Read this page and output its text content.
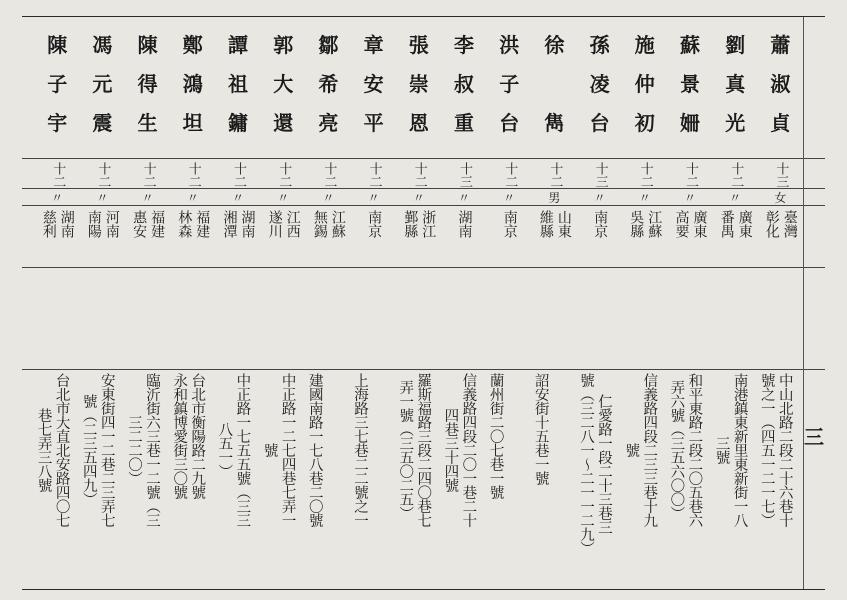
蕭
淑
貞
十三
女
臺灣
彰化
中山北路二段二十六巷十
號之一（四五一二一七）
劉
真
光
十二
〃
廣東
番禺
南港鎮東新里東新街一八
三號
蘇
景
姍
十二
〃
廣東
高要
和平東路二段二〇五巷六
弄六號（三五六〇〇）
施
仲
初
十二
〃
江蘇
吳縣
信義路四段二三三巷十九
號
孫
凌
台
十三
〃
南京
仁愛路一段二十三巷三
號（三二八一〜二一一二九）
徐

雋
十二
男
山東
維縣
詔安街十五巷一號
洪
子
台
十二
〃
南京
蘭州街二〇七巷一號
李
叔
重
十三
〃
湖南
信義路四段二〇一巷二十
四巷三十四號
張
崇
恩
十二
〃
浙江
鄞縣
羅斯福路三段二四〇巷七
弄一號（三五〇二五）
章
安
平
十二
〃
南京
上海路三七巷二二號之一
鄒
希
亮
十二
〃
江蘇
無錫
建國南路一七八巷二〇號
郭
大
還
十二
〃
江西
遂川
中正路一二七四巷七弄一
號
譚
祖
鏞
十二
〃
湖南
湘潭
中正路一七五五號（三三
八五一）
鄭
鴻
坦
十二
〃
福建
林森
台北市衡陽路二九號
永和鎮博愛街三〇號
陳
得
生
十二
〃
福建
惠安
臨沂街六三巷一二號（三
三二二〇）
馮
元
震
十二
〃
河南
南陽
安東街四一二巷二三弄七
號（二三五四九）
陳
子
宇
十二
〃
湖南
慈利
台北市大直北安路四〇七
巷七弄三八號	三
